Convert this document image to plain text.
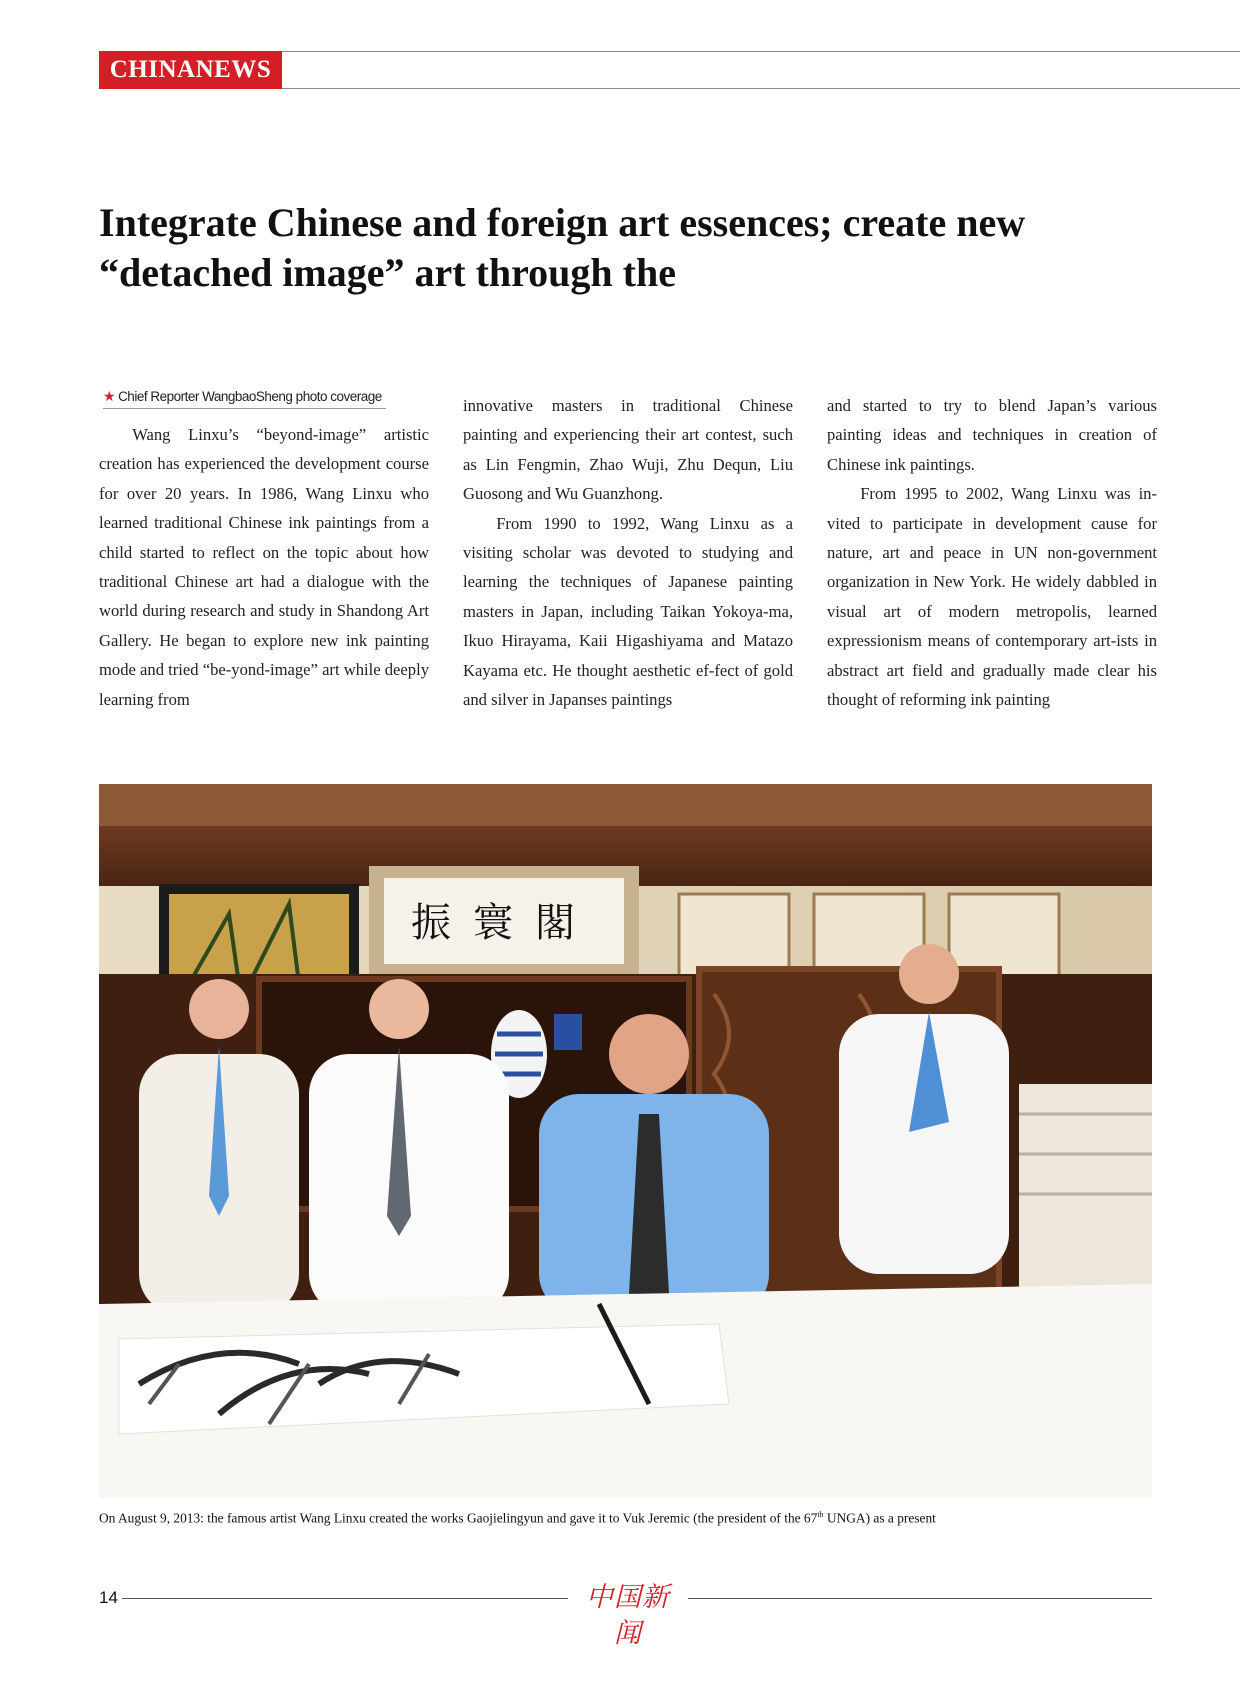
CHINANEWS
Integrate Chinese and foreign art essences; create new
“detached image” art through the
★ Chief Reporter WangbaoSheng photo coverage

Wang Linxu’s “beyond-image” artistic creation has experienced the development course for over 20 years. In 1986, Wang Linxu who learned traditional Chinese ink paintings from a child started to reflect on the topic about how traditional Chinese art had a dialogue with the world during research and study in Shandong Art Gallery. He began to explore new ink painting mode and tried “be-yond-image” art while deeply learning from

innovative masters in traditional Chinese painting and experiencing their art contest, such as Lin Fengmin, Zhao Wuji, Zhu Dequn, Liu Guosong and Wu Guanzhong.

From 1990 to 1992, Wang Linxu as a visiting scholar was devoted to studying and learning the techniques of Japanese painting masters in Japan, including Taikan Yokoya-ma, Ikuo Hirayama, Kaii Higashiyama and Matazo Kayama etc. He thought aesthetic ef-fect of gold and silver in Japanses paintings

and started to try to blend Japan’s various painting ideas and techniques in creation of Chinese ink paintings.

From 1995 to 2002, Wang Linxu was in-vited to participate in development cause for nature, art and peace in UN non-government organization in New York. He widely dabbled in visual art of modern metropolis, learned expressionism means of contemporary art-ists in abstract art field and gradually made clear his thought of reforming ink painting

振寰閣
On August 9, 2013: the famous artist Wang Linxu created the works Gaojielingyun and gave it to Vuk Jeremic (the president of the 67th UNGA) as a present
14	中国新闻
